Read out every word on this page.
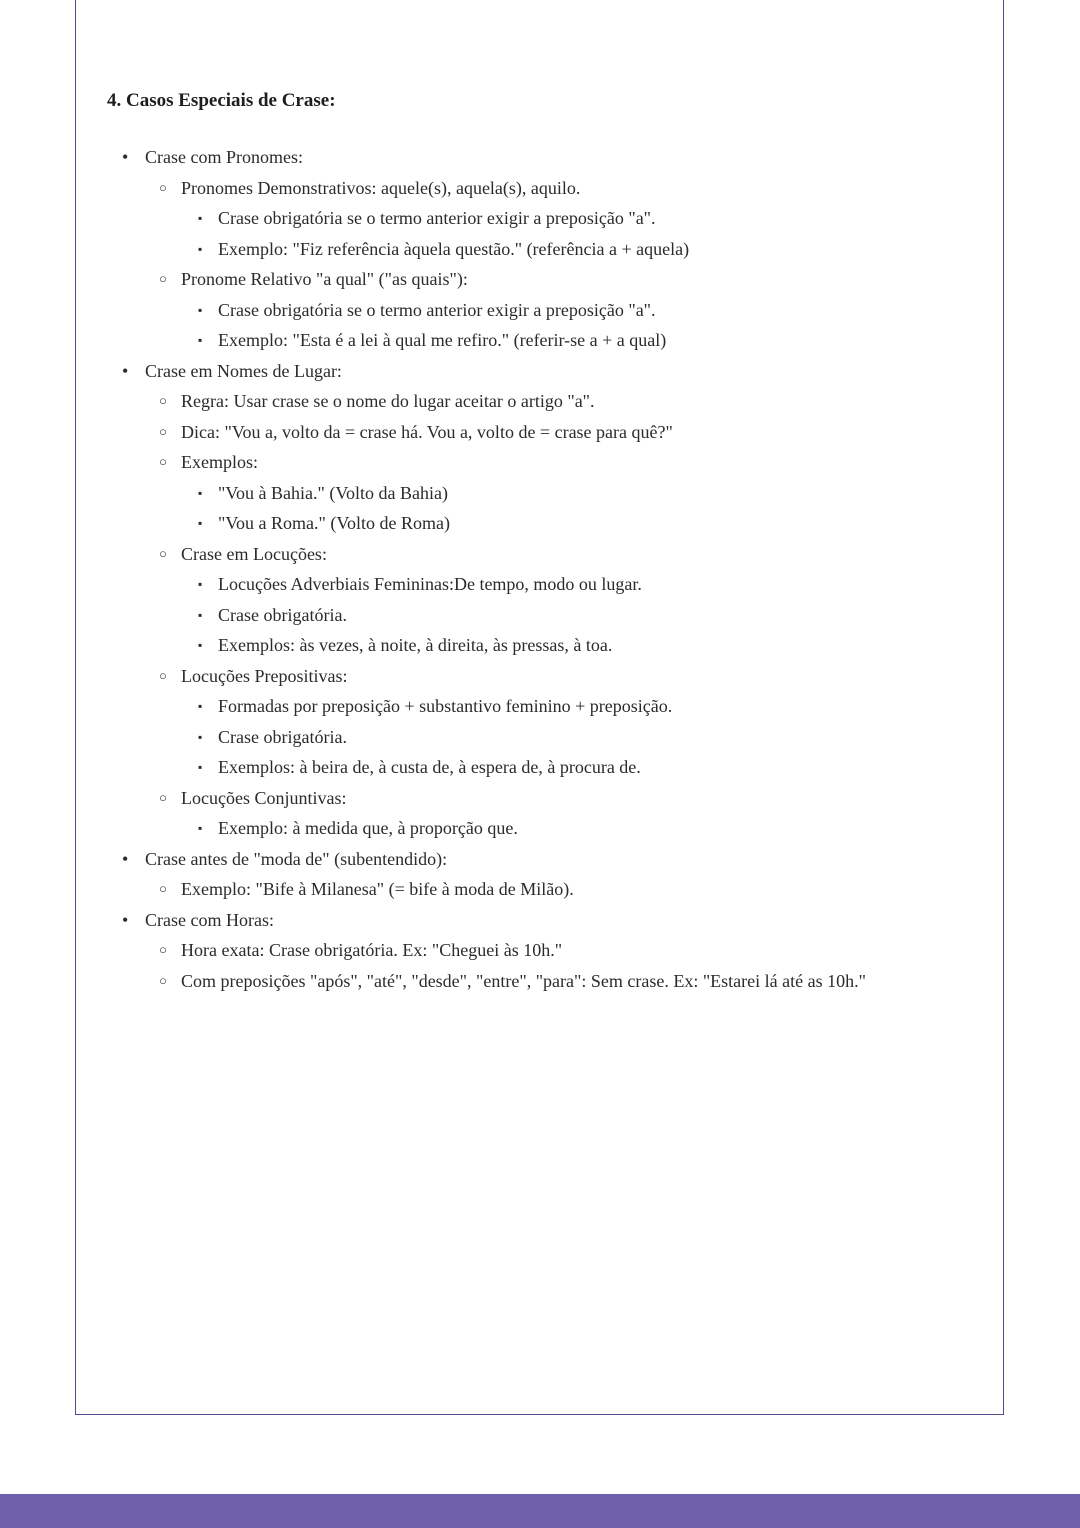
4. Casos Especiais de Crase:
• Crase com Pronomes:
○ Pronomes Demonstrativos: aquele(s), aquela(s), aquilo.
▪ Crase obrigatória se o termo anterior exigir a preposição "a".
▪ Exemplo: "Fiz referência àquela questão." (referência a + aquela)
○ Pronome Relativo "a qual" ("as quais"):
▪ Crase obrigatória se o termo anterior exigir a preposição "a".
▪ Exemplo: "Esta é a lei à qual me refiro." (referir-se a + a qual)
• Crase em Nomes de Lugar:
○ Regra: Usar crase se o nome do lugar aceitar o artigo "a".
○ Dica: "Vou a, volto da = crase há. Vou a, volto de = crase para quê?"
○ Exemplos:
▪ "Vou à Bahia." (Volto da Bahia)
▪ "Vou a Roma." (Volto de Roma)
○ Crase em Locuções:
▪ Locuções Adverbiais Femininas:De tempo, modo ou lugar.
▪ Crase obrigatória.
▪ Exemplos: às vezes, à noite, à direita, às pressas, à toa.
○ Locuções Prepositivas:
▪ Formadas por preposição + substantivo feminino + preposição.
▪ Crase obrigatória.
▪ Exemplos: à beira de, à custa de, à espera de, à procura de.
○ Locuções Conjuntivas:
▪ Exemplo: à medida que, à proporção que.
• Crase antes de "moda de" (subentendido):
○ Exemplo: "Bife à Milanesa" (= bife à moda de Milão).
• Crase com Horas:
○ Hora exata: Crase obrigatória. Ex: "Cheguei às 10h."
○ Com preposições "após", "até", "desde", "entre", "para": Sem crase. Ex: "Estarei lá até as 10h."
